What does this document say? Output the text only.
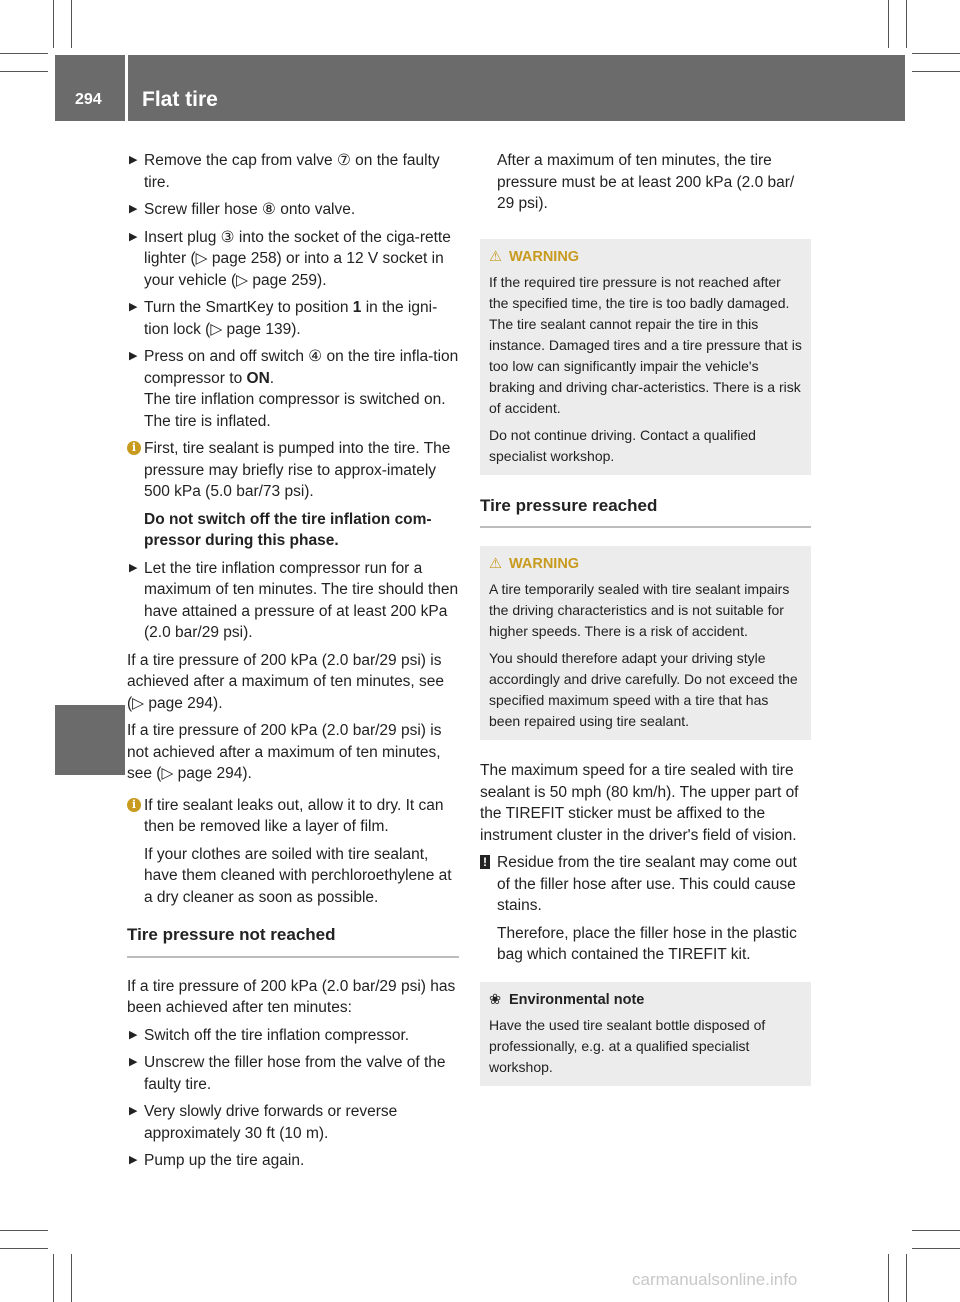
294 Flat tire
Breakdown assistance
▶ Remove the cap from valve ⑦ on the faulty tire.
▶ Screw filler hose ⑧ onto valve.
▶ Insert plug ③ into the socket of the ciga-rette lighter (▷ page 258) or into a 12 V socket in your vehicle (▷ page 259).
▶ Turn the SmartKey to position 1 in the igni-tion lock (▷ page 139).
▶ Press on and off switch ④ on the tire infla-tion compressor to ON.
The tire inflation compressor is switched on. The tire is inflated.
i First, tire sealant is pumped into the tire. The pressure may briefly rise to approx-imately 500 kPa (5.0 bar/73 psi).

Do not switch off the tire inflation com-pressor during this phase.

▶ Let the tire inflation compressor run for a maximum of ten minutes. The tire should then have attained a pressure of at least 200 kPa (2.0 bar/29 psi).

If a tire pressure of 200 kPa (2.0 bar/29 psi) is achieved after a maximum of ten minutes, see (▷ page 294).

If a tire pressure of 200 kPa (2.0 bar/29 psi) is not achieved after a maximum of ten minutes, see (▷ page 294).

i If tire sealant leaks out, allow it to dry. It can then be removed like a layer of film.

If your clothes are soiled with tire sealant, have them cleaned with perchloroethylene at a dry cleaner as soon as possible.

Tire pressure not reached

If a tire pressure of 200 kPa (2.0 bar/29 psi) has been achieved after ten minutes:

▶ Switch off the tire inflation compressor.
▶ Unscrew the filler hose from the valve of the faulty tire.
▶ Very slowly drive forwards or reverse approximately 30 ft (10 m).
▶ Pump up the tire again.

After a maximum of ten minutes, the tire pressure must be at least 200 kPa (2.0 bar/ 29 psi).

⚠ WARNING

If the required tire pressure is not reached after the specified time, the tire is too badly damaged. The tire sealant cannot repair the tire in this instance. Damaged tires and a tire pressure that is too low can significantly impair the vehicle's braking and driving char-acteristics. There is a risk of accident.

Do not continue driving. Contact a qualified specialist workshop.

Tire pressure reached
⚠ WARNING

A tire temporarily sealed with tire sealant impairs the driving characteristics and is not suitable for higher speeds. There is a risk of accident.

You should therefore adapt your driving style accordingly and drive carefully. Do not exceed the specified maximum speed with a tire that has been repaired using tire sealant.

The maximum speed for a tire sealed with tire sealant is 50 mph (80 km/h). The upper part of the TIREFIT sticker must be affixed to the instrument cluster in the driver's field of vision.

! Residue from the tire sealant may come out of the filler hose after use. This could cause stains.

Therefore, place the filler hose in the plastic bag which contained the TIREFIT kit.

❀ Environmental note

Have the used tire sealant bottle disposed of professionally, e.g. at a qualified specialist workshop.

carmanualsonline.info
